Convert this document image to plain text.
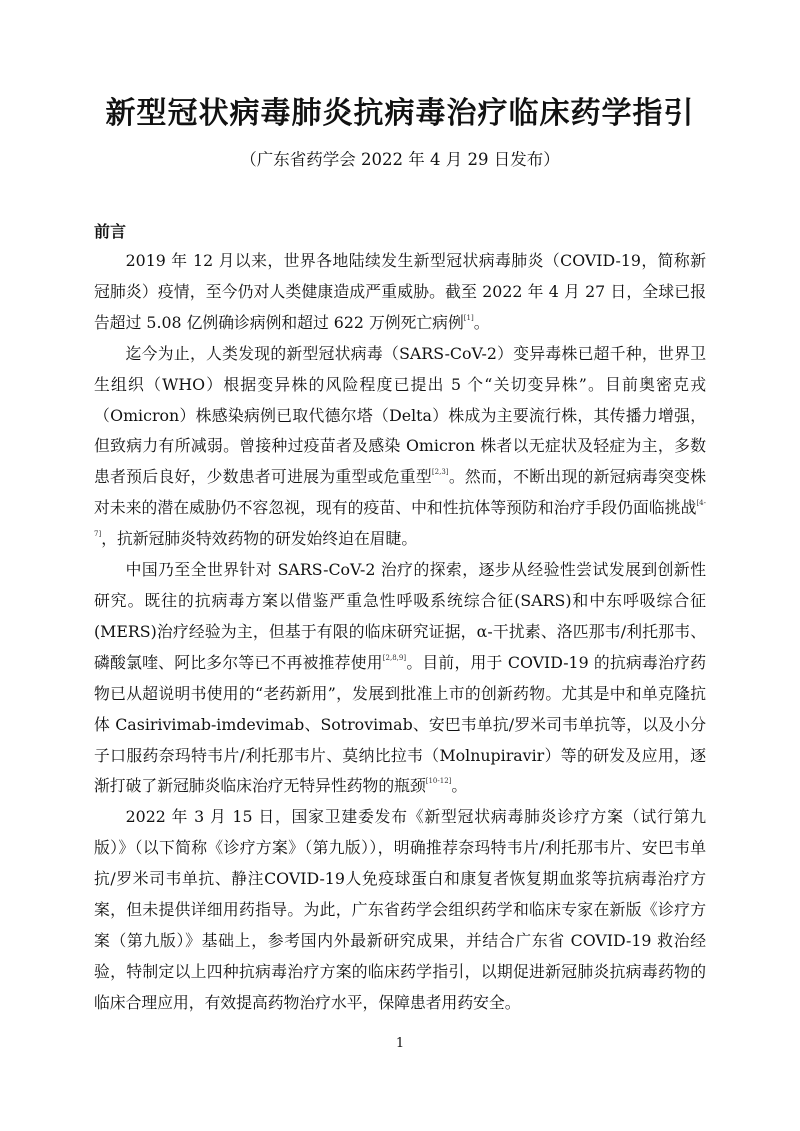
新型冠状病毒肺炎抗病毒治疗临床药学指引
（广东省药学会 2022 年 4 月 29 日发布）
前言

2019 年 12 月以来，世界各地陆续发生新型冠状病毒肺炎（COVID-19，简称新冠肺炎）疫情，至今仍对人类健康造成严重威胁。截至 2022 年 4 月 27 日，全球已报告超过 5.08 亿例确诊病例和超过 622 万例死亡病例[1]。

迄今为止，人类发现的新型冠状病毒（SARS-CoV-2）变异毒株已超千种，世界卫生组织（WHO）根据变异株的风险程度已提出 5 个“关切变异株”。目前奥密克戎（Omicron）株感染病例已取代德尔塔（Delta）株成为主要流行株，其传播力增强，但致病力有所减弱。曾接种过疫苗者及感染 Omicron 株者以无症状及轻症为主，多数患者预后良好，少数患者可进展为重型或危重型[2,3]。然而，不断出现的新冠病毒突变株对未来的潜在威胁仍不容忽视，现有的疫苗、中和性抗体等预防和治疗手段仍面临挑战[4-7]，抗新冠肺炎特效药物的研发始终迫在眉睫。

中国乃至全世界针对 SARS-CoV-2 治疗的探索，逐步从经验性尝试发展到创新性研究。既往的抗病毒方案以借鉴严重急性呼吸系统综合征(SARS)和中东呼吸综合征(MERS)治疗经验为主，但基于有限的临床研究证据，α-干扰素、洛匹那韦/利托那韦、磷酸氯喹、阿比多尔等已不再被推荐使用[2,8,9]。目前，用于 COVID-19 的抗病毒治疗药物已从超说明书使用的“老药新用”，发展到批准上市的创新药物。尤其是中和单克隆抗体 Casirivimab-imdevimab、Sotrovimab、安巴韦单抗/罗米司韦单抗等，以及小分子口服药奈玛特韦片/利托那韦片、莫纳比拉韦（Molnupiravir）等的研发及应用，逐渐打破了新冠肺炎临床治疗无特异性药物的瓶颈[10-12]。

2022 年 3 月 15 日，国家卫建委发布《新型冠状病毒肺炎诊疗方案（试行第九版）》（以下简称《诊疗方案》（第九版）），明确推荐奈玛特韦片/利托那韦片、安巴韦单抗/罗米司韦单抗、静注COVID-19人免疫球蛋白和康复者恢复期血浆等抗病毒治疗方案，但未提供详细用药指导。为此，广东省药学会组织药学和临床专家在新版《诊疗方案（第九版）》基础上，参考国内外最新研究成果，并结合广东省 COVID-19 救治经验，特制定以上四种抗病毒治疗方案的临床药学指引，以期促进新冠肺炎抗病毒药物的临床合理应用，有效提高药物治疗水平，保障患者用药安全。

1
